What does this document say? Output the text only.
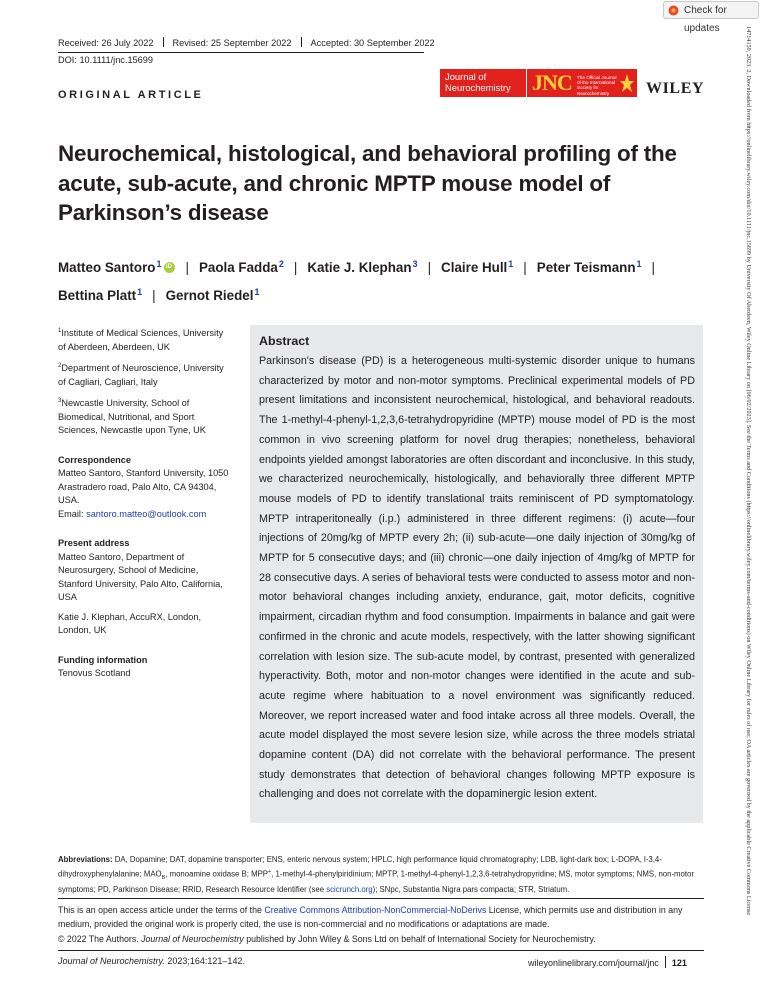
Check for updates
Received: 26 July 2022 Revised: 25 September 2022 Accepted: 30 September 2022
DOI: 10.1111/jnc.15699
ORIGINAL ARTICLE
Journal of
Neurochemistry JNC The Official Journal of the International Society for Neurochemistry	WILEY
Neurochemical, histological, and behavioral profiling of the acute, sub-acute, and chronic MPTP mouse model of Parkinson’s disease
Matteo Santoro$^1$iD | Paola Fadda$^2$ | Katie J. Klephan$^3$ | Claire Hull$^1$ | Peter Teismann$^1$ |
Bettina Platt$^1$ | Gernot Riedel$^1$

$^1$Institute of Medical Sciences, University of Aberdeen, Aberdeen, UK

$^2$Department of Neuroscience, University of Cagliari, Cagliari, Italy

$^3$Newcastle University, School of Biomedical, Nutritional, and Sport Sciences, Newcastle upon Tyne, UK

Correspondence

Matteo Santoro, Stanford University, 1050 Arastradero road, Palo Alto, CA 94304, USA.

Email: santoro.matteo@outlook.com

Present address

Matteo Santoro, Department of Neurosurgery, School of Medicine, Stanford University, Palo Alto, California, USA

Katie J. Klephan, AccuRX, London, London, UK

Funding information

Tenovus Scotland

Abstract
Parkinson's disease (PD) is a heterogeneous multi-systemic disorder unique to humans characterized by motor and non-motor symptoms. Preclinical experimental models of PD present limitations and inconsistent neurochemical, histological, and behavioral readouts. The 1-methyl-4-phenyl-1,2,3,6-tetrahydropyridine (MPTP) mouse model of PD is the most common in vivo screening platform for novel drug therapies; nonetheless, behavioral endpoints yielded amongst laboratories are often discordant and inconclusive. In this study, we characterized neurochemically, histologically, and behaviorally three different MPTP mouse models of PD to identify translational traits reminiscent of PD symptomatology. MPTP intraperitoneally (i.p.) administered in three different regimens: (i) acute—four injections of 20mg/kg of MPTP every 2h; (ii) sub-acute—one daily injection of 30mg/kg of MPTP for 5 consecutive days; and (iii) chronic—one daily injection of 4mg/kg of MPTP for 28 consecutive days. A series of behavioral tests were conducted to assess motor and non-motor behavioral changes including anxiety, endurance, gait, motor deficits, cognitive impairment, circadian rhythm and food consumption. Impairments in balance and gait were confirmed in the chronic and acute models, respectively, with the latter showing significant correlation with lesion size. The sub-acute model, by contrast, presented with generalized hyperactivity. Both, motor and non-motor changes were identified in the acute and sub-acute regime where habituation to a novel environment was significantly reduced. Moreover, we report increased water and food intake across all three models. Overall, the acute model displayed the most severe lesion size, while across the three models striatal dopamine content (DA) did not correlate with the behavioral performance. The present study demonstrates that detection of behavioral changes following MPTP exposure is challenging and does not correlate with the dopaminergic lesion extent.
Abbreviations: DA, Dopamine; DAT, dopamine transporter; ENS, enteric nervous system; HPLC, high performance liquid chromatography; LDB, light-dark box; L-DOPA, l-3,4-dihydroxyphenylalanine; $MAO_B$, monoamine oxidase B; MPP+, 1-methyl-4-phenylpiridinium; MPTP, 1-methyl-4-phenyl-1,2,3,6-tetrahydropyridine; MS, motor symptoms; NMS, non-motor symptoms; PD, Parkinson Disease; RRID, Research Resource Identifier (see scicrunch.org); SNpc, Substantia Nigra pars compacta; STR, Striatum.
This is an open access article under the terms of the Creative Commons Attribution-NonCommercial-NoDerivs License, which permits use and distribution in any medium, provided the original work is properly cited, the use is non-commercial and no modifications or adaptations are made.
© 2022 The Authors. Journal of Neurochemistry published by John Wiley & Sons Ltd on behalf of International Society for Neurochemistry.
Journal of Neurochemistry. 2023;164:121–142.	wileyonlinelibrary.com/journal/jnc 121
14714159, 2023, 2, Downloaded from https://onlinelibrary.wiley.com/doi/10.1111/jnc.15699 by University Of Aberdeen, Wiley Online Library on [06/02/2023]. See the Terms and Conditions (https://onlinelibrary.wiley.com/terms-and-conditions) on Wiley Online Library for rules of use; OA articles are governed by the applicable Creative Commons License
